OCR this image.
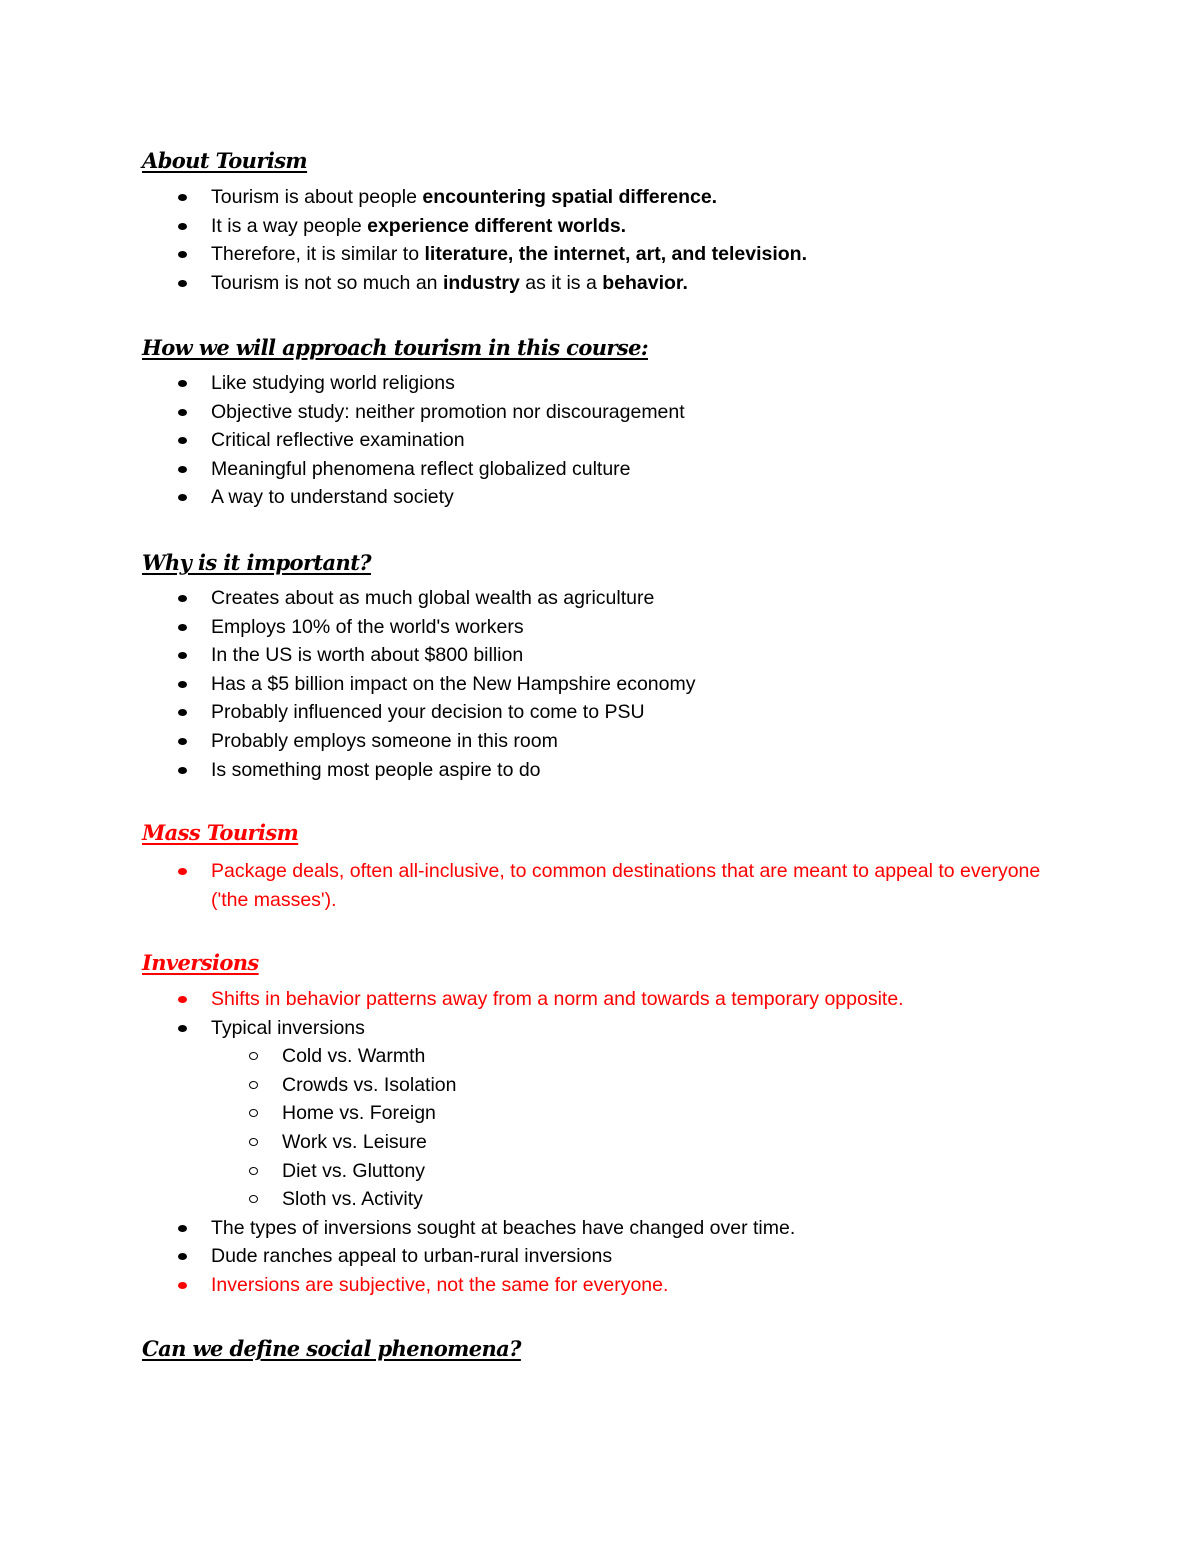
About Tourism
Tourism is about people encountering spatial difference.
It is a way people experience different worlds.
Therefore, it is similar to literature, the internet, art, and television.
Tourism is not so much an industry as it is a behavior.
How we will approach tourism in this course:
Like studying world religions
Objective study: neither promotion nor discouragement
Critical reflective examination
Meaningful phenomena reflect globalized culture
A way to understand society
Why is it important?
Creates about as much global wealth as agriculture
Employs 10% of the world's workers
In the US is worth about $800 billion
Has a $5 billion impact on the New Hampshire economy
Probably influenced your decision to come to PSU
Probably employs someone in this room
Is something most people aspire to do
Mass Tourism
Package deals, often all-inclusive, to common destinations that are meant to appeal to everyone ('the masses').
Inversions
Shifts in behavior patterns away from a norm and towards a temporary opposite.
Typical inversions
Cold vs. Warmth
Crowds vs. Isolation
Home vs. Foreign
Work vs. Leisure
Diet vs. Gluttony
Sloth vs. Activity
The types of inversions sought at beaches have changed over time.
Dude ranches appeal to urban-rural inversions
Inversions are subjective, not the same for everyone.
Can we define social phenomena?
